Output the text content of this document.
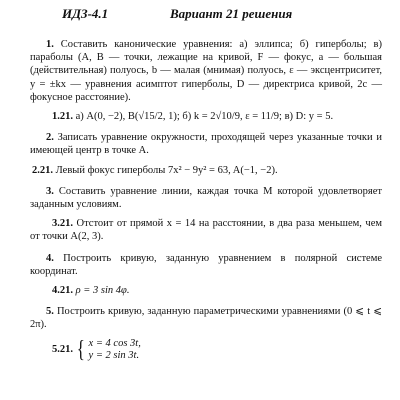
ИДЗ-4.1	Вариант 21 решения

1. Составить канонические уравнения: а) эллипса; б) гиперболы; в) параболы (A, B — точки, лежащие на кривой, F — фокус, a — большая (действительная) полуось, b — малая (мнимая) полуось, ε — эксцентриситет, y = ±kx — уравнения асимптот гиперболы, D — директриса кривой, 2c — фокусное расстояние).

1.21. а) A(0, −2), B(√15/2, 1); б) k = 2√10/9, ε = 11/9; в) D: y = 5.

2. Записать уравнение окружности, проходящей через указанные точки и имеющей центр в точке A.

2.21. Левый фокус гиперболы 7x² − 9y² = 63, A(−1, −2).

3. Составить уравнение линии, каждая точка M которой удовлетворяет заданным условиям.

3.21. Отстоит от прямой x = 14 на расстоянии, в два раза меньшем, чем от точки A(2, 3).

4. Построить кривую, заданную уравнением в полярной системе координат.

4.21. ρ = 3 sin 4φ.

5. Построить кривую, заданную параметрическими уравнениями (0 ⩽ t ⩽ 2π).

5.21. { x = 4 cos 3t,
y = 2 sin 3t.
